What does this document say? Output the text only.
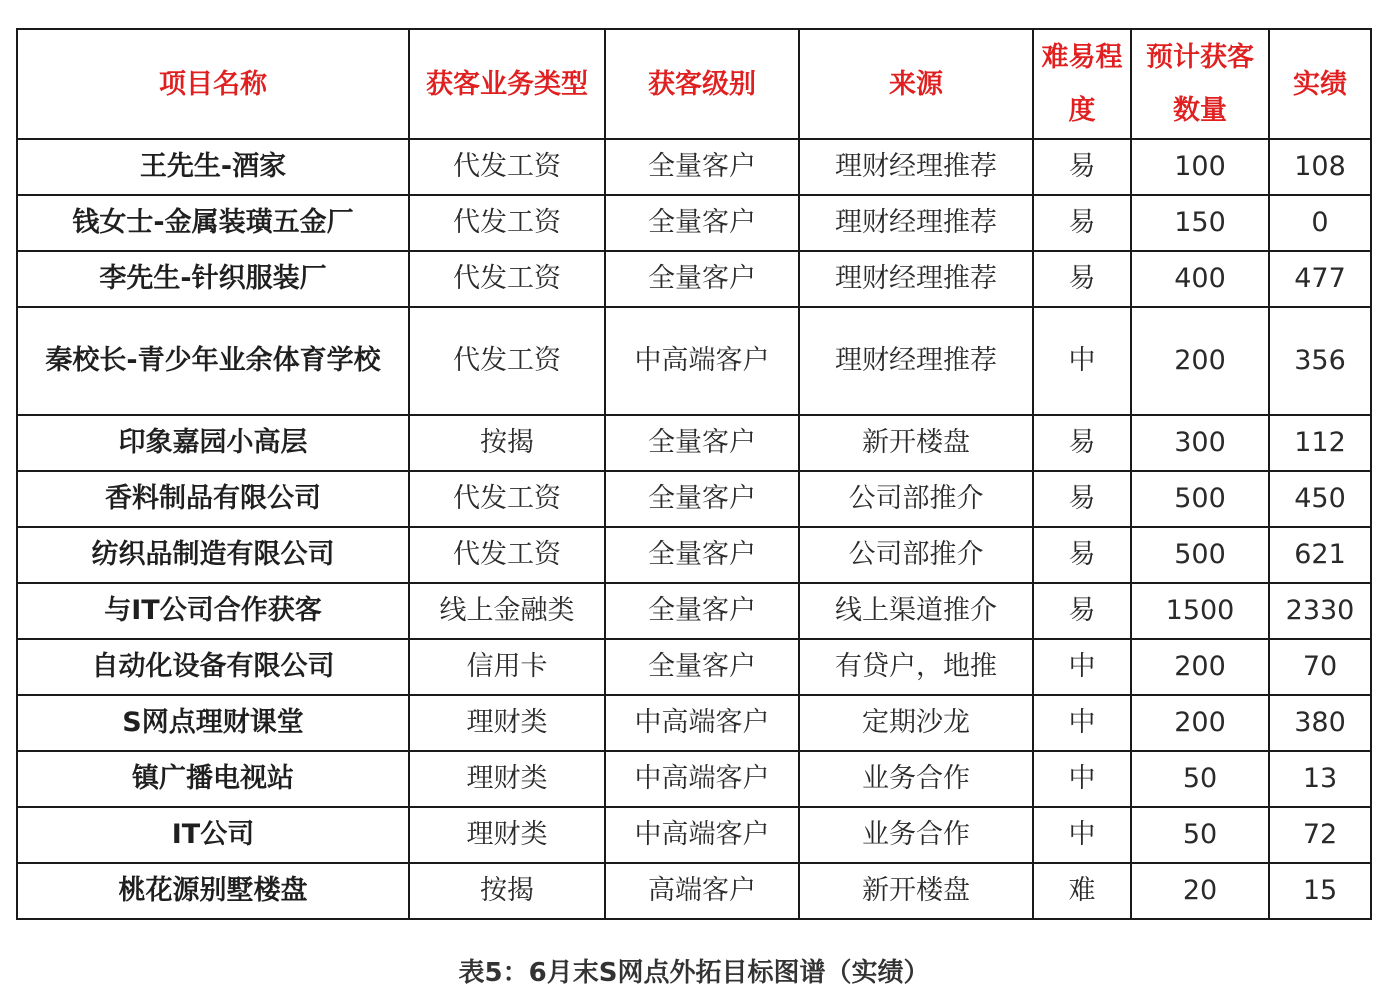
项目名称	获客业务类型	获客级别	来源	难易程度	预计获客数量	实绩
王先生-酒家	代发工资	全量客户	理财经理推荐	易	100	108
钱女士-金属装璜五金厂	代发工资	全量客户	理财经理推荐	易	150	0
李先生-针织服装厂	代发工资	全量客户	理财经理推荐	易	400	477
秦校长-青少年业余体育学校	代发工资	中高端客户	理财经理推荐	中	200	356
印象嘉园小高层	按揭	全量客户	新开楼盘	易	300	112
香料制品有限公司	代发工资	全量客户	公司部推介	易	500	450
纺织品制造有限公司	代发工资	全量客户	公司部推介	易	500	621
与IT公司合作获客	线上金融类	全量客户	线上渠道推介	易	1500	2330
自动化设备有限公司	信用卡	全量客户	有贷户，地推	中	200	70
S网点理财课堂	理财类	中高端客户	定期沙龙	中	200	380
镇广播电视站	理财类	中高端客户	业务合作	中	50	13
IT公司	理财类	中高端客户	业务合作	中	50	72
桃花源别墅楼盘	按揭	高端客户	新开楼盘	难	20	15
表5：6月末S网点外拓目标图谱（实绩）
